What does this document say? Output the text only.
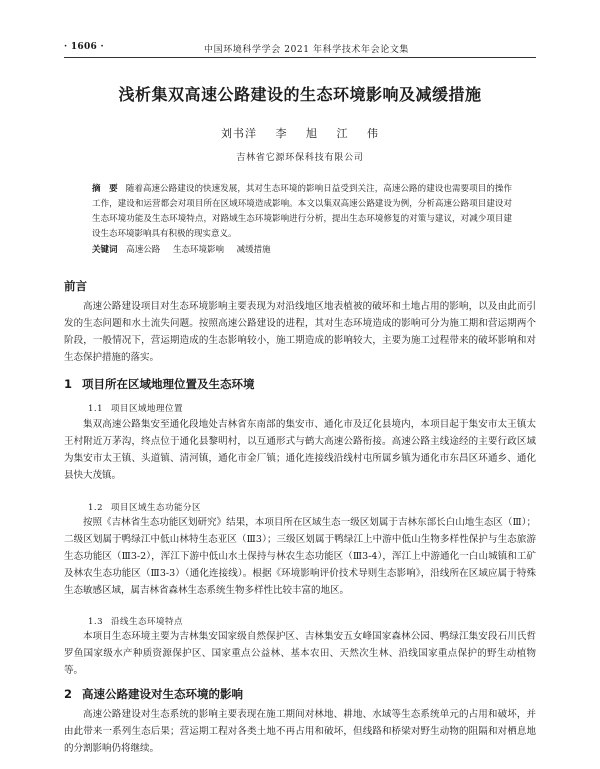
· 1606 ·	中国环境科学学会 2021 年科学技术年会论文集
浅析集双高速公路建设的生态环境影响及减缓措施
刘书洋 李 旭 江 伟
吉林省它源环保科技有限公司
摘　要 随着高速公路建设的快速发展，其对生态环境的影响日益受到关注，高速公路的建设也需要项目的操作工作，建设和运营都会对项目所在区域环境造成影响。本文以集双高速公路建设为例，分析高速公路项目建设对生态环境功能及生态环境特点，对路域生态环境影响进行分析，提出生态环境修复的对策与建议，对减少项目建设生态环境影响具有积极的现实意义。
关键词 高速公路 生态环境影响 减缓措施
前言

高速公路建设项目对生态环境影响主要表现为对沿线地区地表植被的破坏和土地占用的影响，以及由此而引发的生态问题和水土流失问题。按照高速公路建设的进程，其对生态环境造成的影响可分为施工期和营运期两个阶段，一般情况下，营运期造成的生态影响较小，施工期造成的影响较大，主要为施工过程带来的破坏影响和对生态保护措施的落实。

1 项目所在区域地理位置及生态环境
1.1 项目区域地理位置

集双高速公路集安至通化段地处吉林省东南部的集安市、通化市及辽化县境内，本项目起于集安市太王镇太王村附近万茅沟，终点位于通化县黎明村，以互通形式与鹤大高速公路衔接。高速公路主线途经的主要行政区域为集安市太王镇、头道镇、清河镇，通化市金厂镇；通化连接线沿线村屯所属乡镇为通化市东昌区环通乡、通化县快大茂镇。

1.2 项目区域生态功能分区

按照《吉林省生态功能区划研究》结果，本项目所在区域生态一级区划属于吉林东部长白山地生态区（Ⅲ）；二级区划属于鸭绿江中低山林特生态亚区（Ⅲ3）；三级区划属于鸭绿江上中游中低山生物多样性保护与生态旅游生态功能区（Ⅲ3-2），浑江下游中低山水土保持与林农生态功能区（Ⅲ3-4），浑江上中游通化一白山城镇和工矿及林农生态功能区（Ⅲ3-3）（通化连接线）。根据《环境影响评价技术导则生态影响》，沿线所在区域应属于特殊生态敏感区域，属吉林省森林生态系统生物多样性比较丰富的地区。

1.3 沿线生态环境特点

本项目生态环境主要为吉林集安国家级自然保护区、吉林集安五女峰国家森林公园、鸭绿江集安段石川氏哲罗鱼国家级水产种质资源保护区、国家重点公益林、基本农田、天然次生林、沿线国家重点保护的野生动植物等。

2 高速公路建设对生态环境的影响

高速公路建设对生态系统的影响主要表现在施工期间对林地、耕地、水域等生态系统单元的占用和破坏，并由此带来一系列生态后果；营运期工程对各类土地不再占用和破坏，但线路和桥梁对野生动物的阻隔和对栖息地的分割影响仍将继续。
